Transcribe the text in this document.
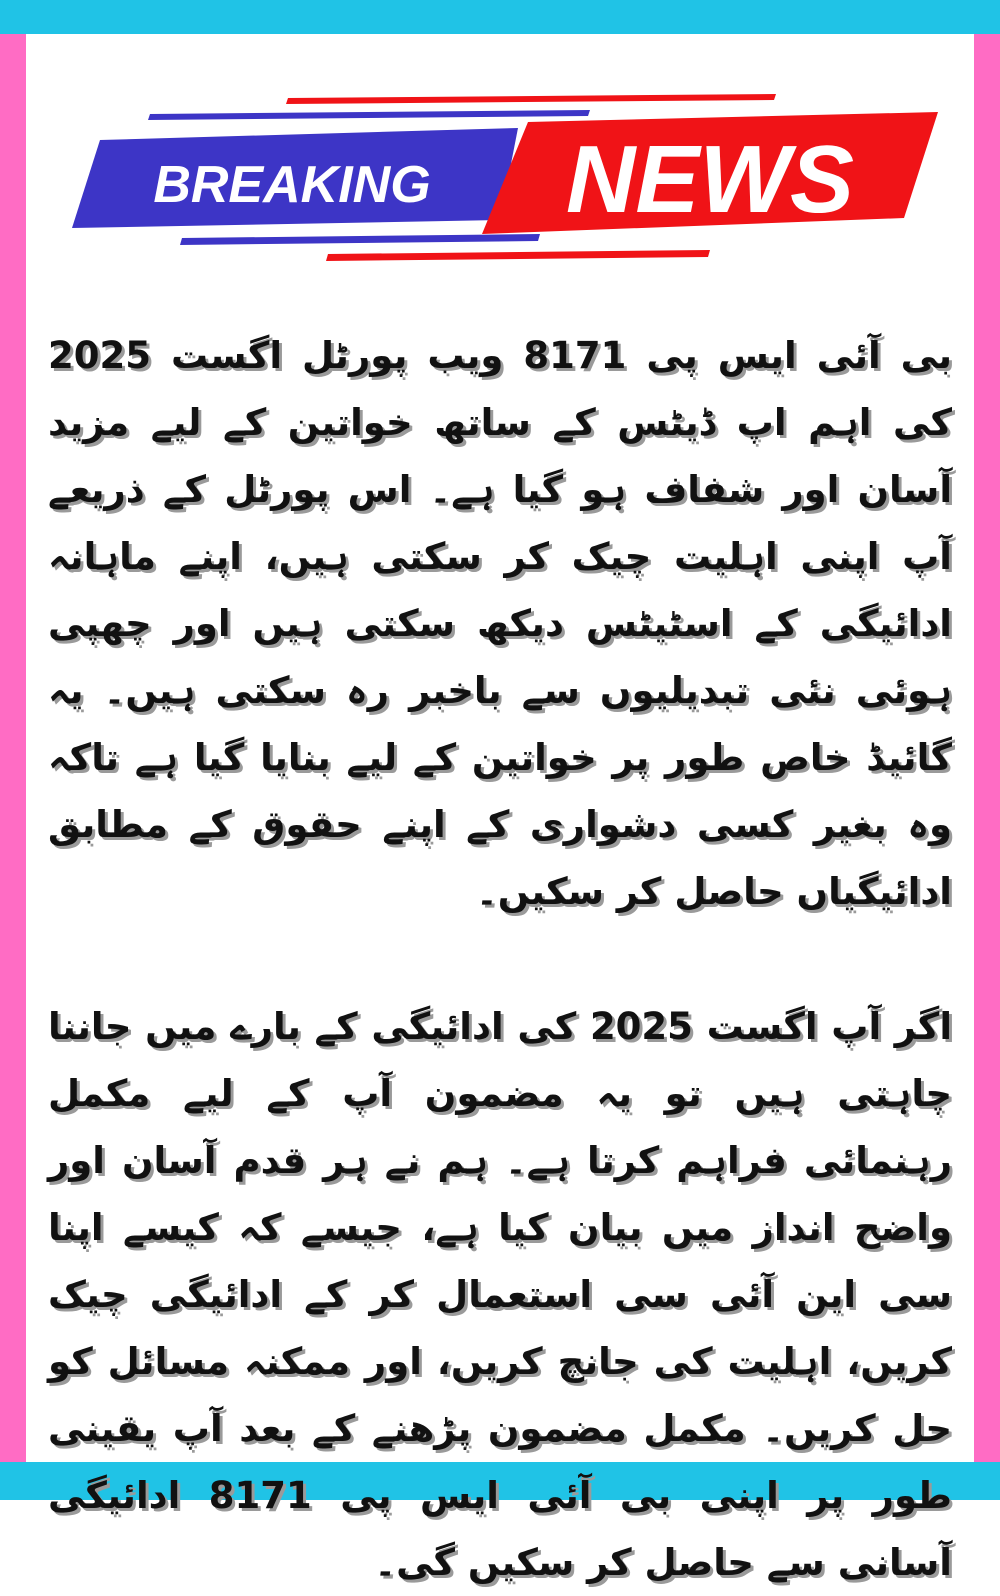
BREAKING NEWS

بی آئی ایس پی 8171 ویب پورٹل اگست 2025 کی اہم اپ ڈیٹس کے ساتھ خواتین کے لیے مزید آسان اور شفاف ہو گیا ہے۔ اس پورٹل کے ذریعے آپ اپنی اہلیت چیک کر سکتی ہیں، اپنے ماہانہ ادائیگی کے اسٹیٹس دیکھ سکتی ہیں اور چھپی ہوئی نئی تبدیلیوں سے باخبر رہ سکتی ہیں۔ یہ گائیڈ خاص طور پر خواتین کے لیے بنایا گیا ہے تاکہ وہ بغیر کسی دشواری کے اپنے حقوق کے مطابق ادائیگیاں حاصل کر سکیں۔

اگر آپ اگست 2025 کی ادائیگی کے بارے میں جاننا چاہتی ہیں تو یہ مضمون آپ کے لیے مکمل رہنمائی فراہم کرتا ہے۔ ہم نے ہر قدم آسان اور واضح انداز میں بیان کیا ہے، جیسے کہ کیسے اپنا سی این آئی سی استعمال کر کے ادائیگی چیک کریں، اہلیت کی جانچ کریں، اور ممکنہ مسائل کو حل کریں۔ مکمل مضمون پڑھنے کے بعد آپ یقینی طور پر اپنی بی آئی ایس پی 8171 ادائیگی آسانی سے حاصل کر سکیں گی۔
